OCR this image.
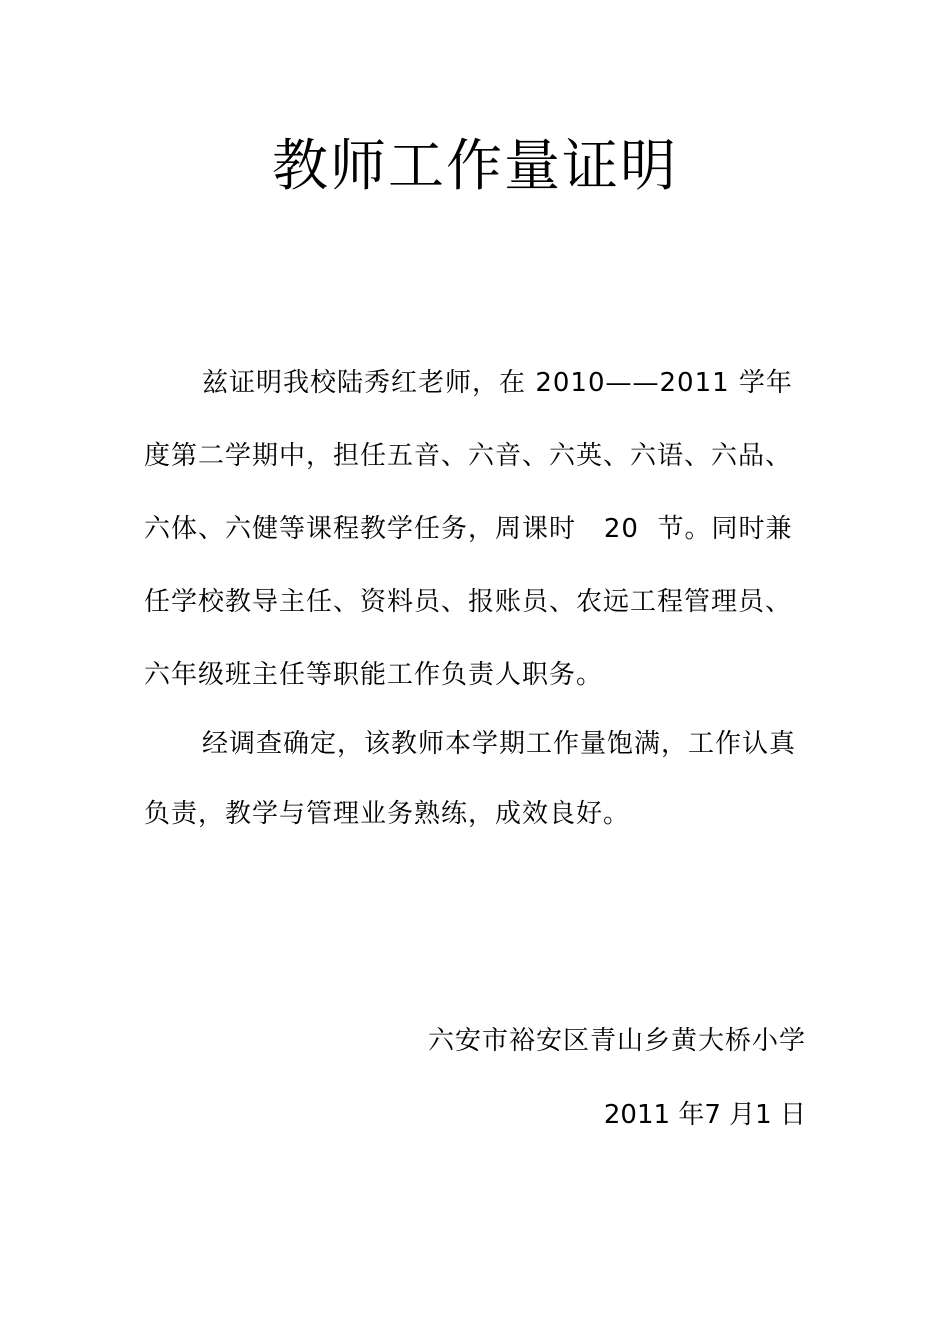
教师工作量证明

兹证明我校陆秀红老师，在 2010——2011 学年度第二学期中，担任五音、六音、六英、六语、六品、六体、六健等课程教学任务，周课时 20 节。同时兼任学校教导主任、资料员、报账员、农远工程管理员、六年级班主任等职能工作负责人职务。

经调查确定，该教师本学期工作量饱满，工作认真负责，教学与管理业务熟练，成效良好。

六安市裕安区青山乡黄大桥小学

2011 年7 月1 日
